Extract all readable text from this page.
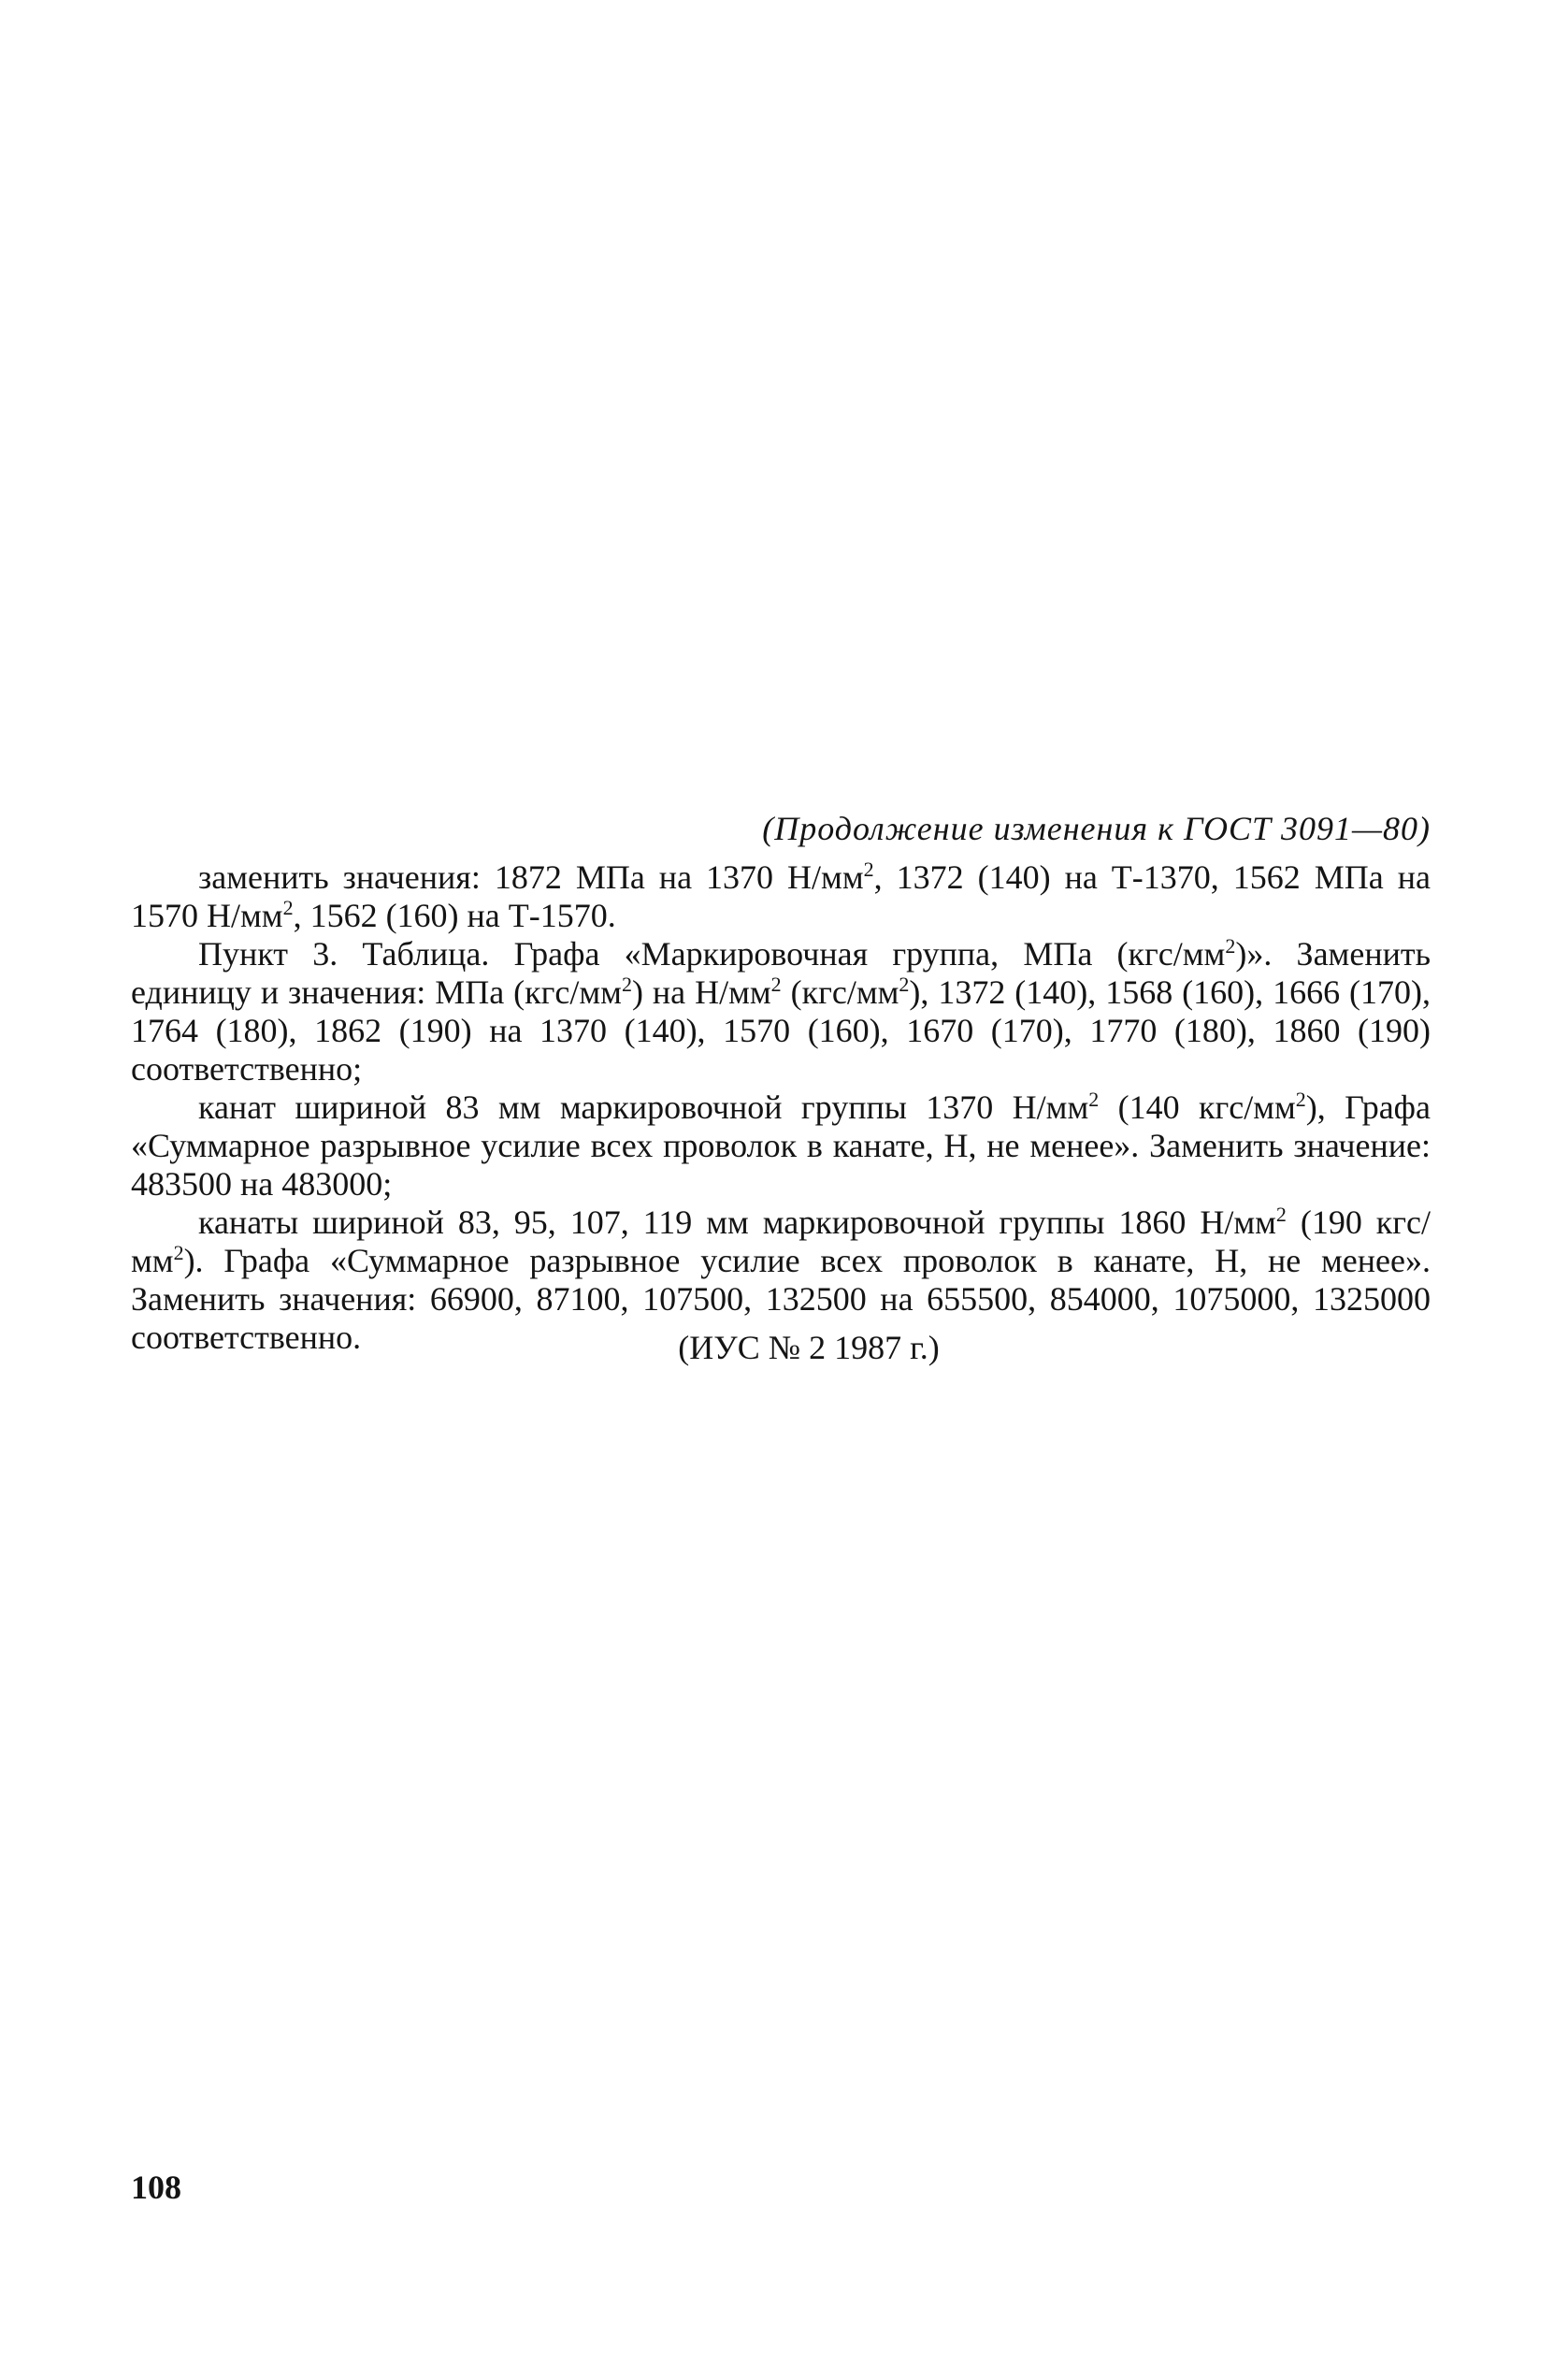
(Продолжение изменения к ГОСТ 3091—80)

заменить значения: 1872 МПа на 1370 $Н/мм^2$, 1372 (140) на Т-1370, 1562 МПа на 1570 $Н/мм^2$, 1562 (160) на Т-1570.

Пункт 3. Таблица. Графа «Маркировочная группа, МПа $(кгс/мм^2)$». Заменить единицу и значения: МПа $(кгс/мм^2)$ на $Н/мм^2$ $(кгс/мм^2)$, 1372 (140), 1568 (160), 1666 (170), 1764 (180), 1862 (190) на 1370 (140), 1570 (160), 1670 (170), 1770 (180), 1860 (190) соответственно;

канат шириной 83 мм маркировочной группы 1370 $Н/мм^2$ (140 кгс/$мм^2$), Графа «Суммарное разрывное усилие всех проволок в канате, Н, не менее». Заменить значение: 483500 на 483000;

канаты шириной 83, 95, 107, 119 мм маркировочной группы 1860 $Н/мм^2$ (190 кгс/$мм^2$). Графа «Суммарное разрывное усилие всех проволок в канате, Н, не менее». Заменить значения: 66900, 87100, 107500, 132500 на 655500, 854000, 1075000, 1325000 соответственно.	(ИУС № 2 1987 г.)
108
